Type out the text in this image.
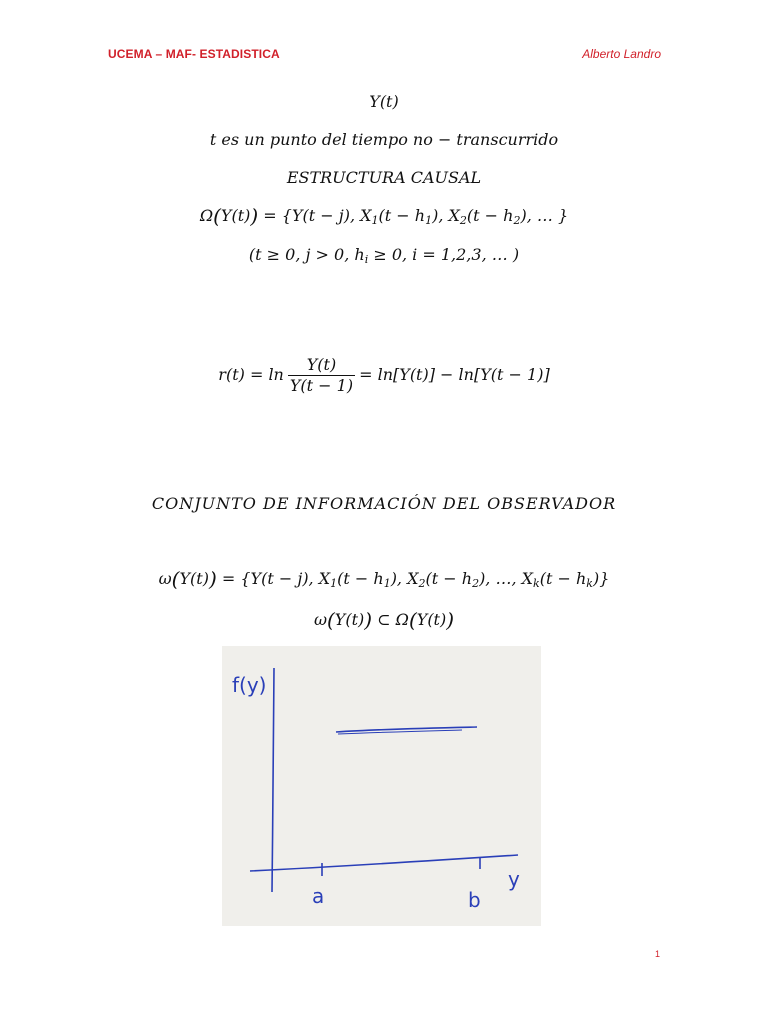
UCEMA – MAF- ESTADISTICA	Alberto Landro
Y(t)
t es un punto del tiempo no − transcurrido
ESTRUCTURA CAUSAL
Ω(Y(t)) = {Y(t − j), $X_1(t - h_1)$, $X_2(t - h_2)$, … }
(t ≥ 0, j > 0, $h_i \ge 0$, i = 1,2,3, … )
$r(t) = \ln \frac{Y(t)}{Y(t - 1)} = \ln[Y(t)] - \ln[Y(t - 1)]$
CONJUNTO DE INFORMACIÓN DEL OBSERVADOR
ω(Y(t)) = {Y(t − j), $X_1(t - h_1)$, $X_2(t - h_2)$, …, $X_k(t - h_k)$}
ω(Y(t)) ⊂ Ω(Y(t))
f(y)
y
a	b
1
